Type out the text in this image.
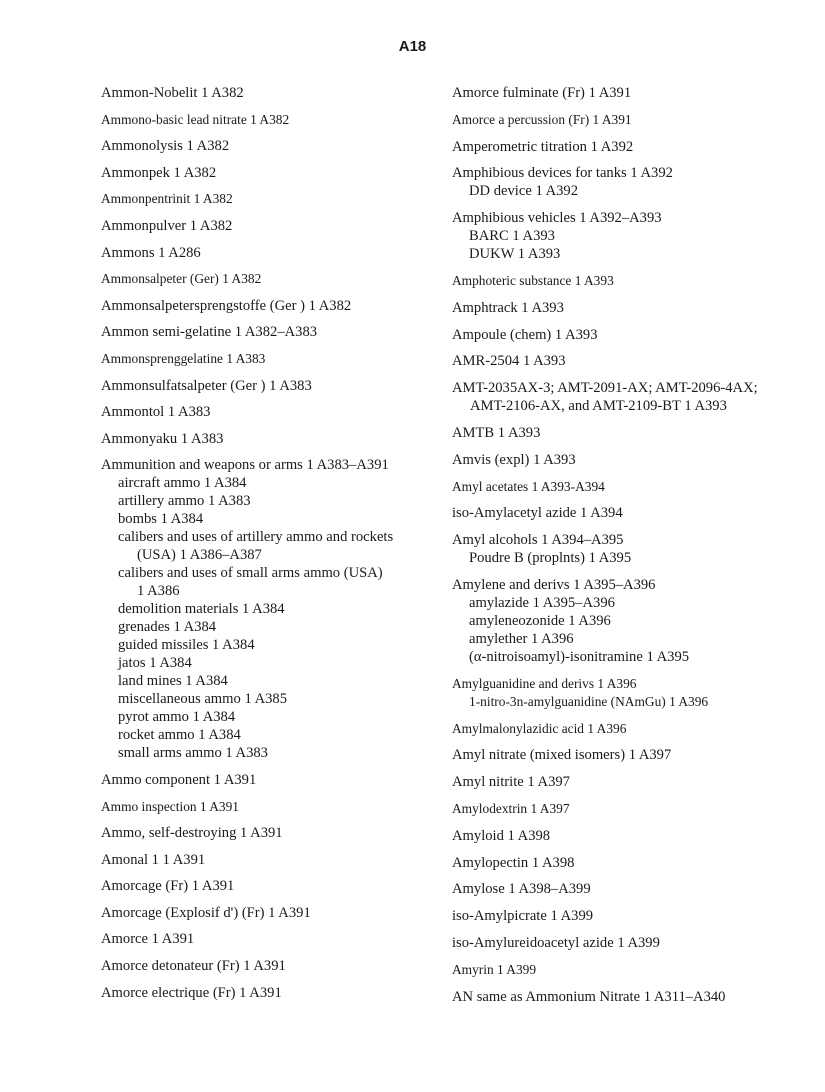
A18
Ammon-Nobelit 1 A382
Ammono-basic lead nitrate 1 A382
Ammonolysis 1 A382
Ammonpek 1 A382
Ammonpentrinit 1 A382
Ammonpulver 1 A382
Ammons 1 A286
Ammonsalpeter (Ger) 1 A382
Ammonsalpetersprengstoffe (Ger ) 1 A382
Ammon semi-gelatine 1 A382–A383
Ammonsprenggelatine 1 A383
Ammonsulfatsalpeter (Ger ) 1 A383
Ammontol 1 A383
Ammonyaku 1 A383
Ammunition and weapons or arms 1 A383–A391
aircraft ammo 1 A384
artillery ammo 1 A383
bombs 1 A384
calibers and uses of artillery ammo and rockets
(USA) 1 A386–A387
calibers and uses of small arms ammo (USA)
1 A386
demolition materials 1 A384
grenades 1 A384
guided missiles 1 A384
jatos 1 A384
land mines 1 A384
miscellaneous ammo 1 A385
pyrot ammo 1 A384
rocket ammo 1 A384
small arms ammo 1 A383
Ammo component 1 A391
Ammo inspection 1 A391
Ammo, self-destroying 1 A391
Amonal 1 1 A391
Amorcage (Fr) 1 A391
Amorcage (Explosif d') (Fr) 1 A391
Amorce 1 A391
Amorce detonateur (Fr) 1 A391
Amorce electrique (Fr) 1 A391
Amorce fulminate (Fr) 1 A391
Amorce a percussion (Fr) 1 A391
Amperometric titration 1 A392
Amphibious devices for tanks 1 A392
DD device 1 A392
Amphibious vehicles 1 A392–A393
BARC 1 A393
DUKW 1 A393
Amphoteric substance 1 A393
Amphtrack 1 A393
Ampoule (chem) 1 A393
AMR-2504 1 A393
AMT-2035AX-3; AMT-2091-AX; AMT-2096-4AX;
AMT-2106-AX, and AMT-2109-BT 1 A393
AMTB 1 A393
Amvis (expl) 1 A393
Amyl acetates 1 A393-A394
iso-Amylacetyl azide 1 A394
Amyl alcohols 1 A394–A395
Poudre B (proplnts) 1 A395
Amylene and derivs 1 A395–A396
amylazide 1 A395–A396
amyleneozonide 1 A396
amylether 1 A396
(α-nitroisoamyl)-isonitramine 1 A395
Amylguanidine and derivs 1 A396
1-nitro-3n-amylguanidine (NAmGu) 1 A396
Amylmalonylazidic acid 1 A396
Amyl nitrate (mixed isomers) 1 A397
Amyl nitrite 1 A397
Amylodextrin 1 A397
Amyloid 1 A398
Amylopectin 1 A398
Amylose 1 A398–A399
iso-Amylpicrate 1 A399
iso-Amylureidoacetyl azide 1 A399
Amyrin 1 A399
AN same as Ammonium Nitrate 1 A311–A340
